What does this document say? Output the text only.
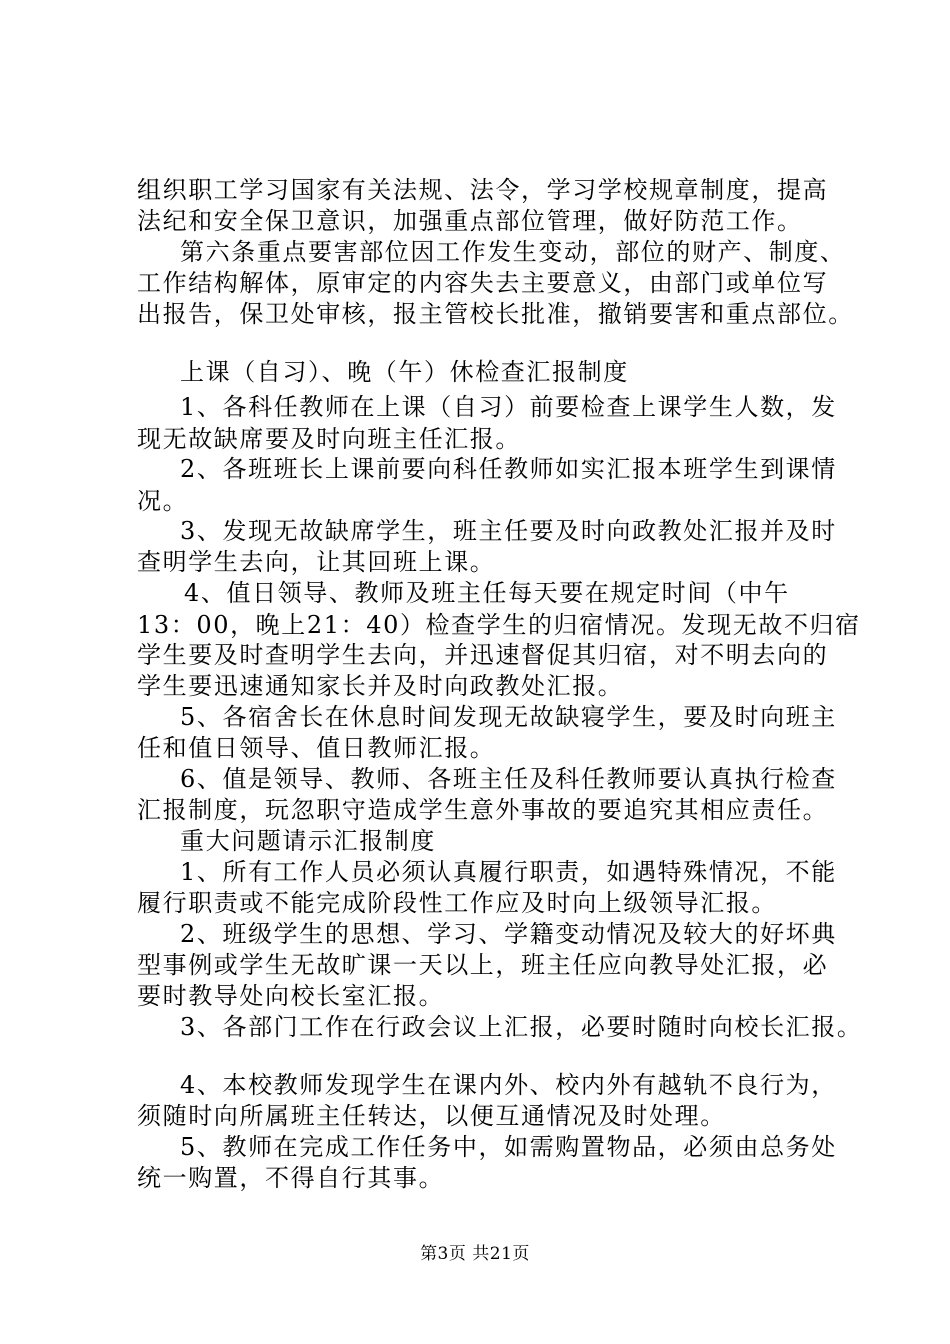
组织职工学习国家有关法规、法令，学习学校规章制度，提高
法纪和安全保卫意识，加强重点部位管理，做好防范工作。
第六条重点要害部位因工作发生变动，部位的财产、制度、
工作结构解体，原审定的内容失去主要意义，由部门或单位写
出报告，保卫处审核，报主管校长批准，撤销要害和重点部位。
上课（自习）、晚（午）休检查汇报制度
1、各科任教师在上课（自习）前要检查上课学生人数，发
现无故缺席要及时向班主任汇报。
2、各班班长上课前要向科任教师如实汇报本班学生到课情
况。
3、发现无故缺席学生，班主任要及时向政教处汇报并及时
查明学生去向，让其回班上课。
4、值日领导、教师及班主任每天要在规定时间（中午
13：00，晚上21：40）检查学生的归宿情况。发现无故不归宿
学生要及时查明学生去向，并迅速督促其归宿，对不明去向的
学生要迅速通知家长并及时向政教处汇报。
5、各宿舍长在休息时间发现无故缺寝学生，要及时向班主
任和值日领导、值日教师汇报。
6、值是领导、教师、各班主任及科任教师要认真执行检查
汇报制度，玩忽职守造成学生意外事故的要追究其相应责任。
重大问题请示汇报制度
1、所有工作人员必须认真履行职责，如遇特殊情况，不能
履行职责或不能完成阶段性工作应及时向上级领导汇报。
2、班级学生的思想、学习、学籍变动情况及较大的好坏典
型事例或学生无故旷课一天以上，班主任应向教导处汇报，必
要时教导处向校长室汇报。
3、各部门工作在行政会议上汇报，必要时随时向校长汇报。
4、本校教师发现学生在课内外、校内外有越轨不良行为，
须随时向所属班主任转达，以便互通情况及时处理。
5、教师在完成工作任务中，如需购置物品，必须由总务处
统一购置，不得自行其事。
第3页 共21页
